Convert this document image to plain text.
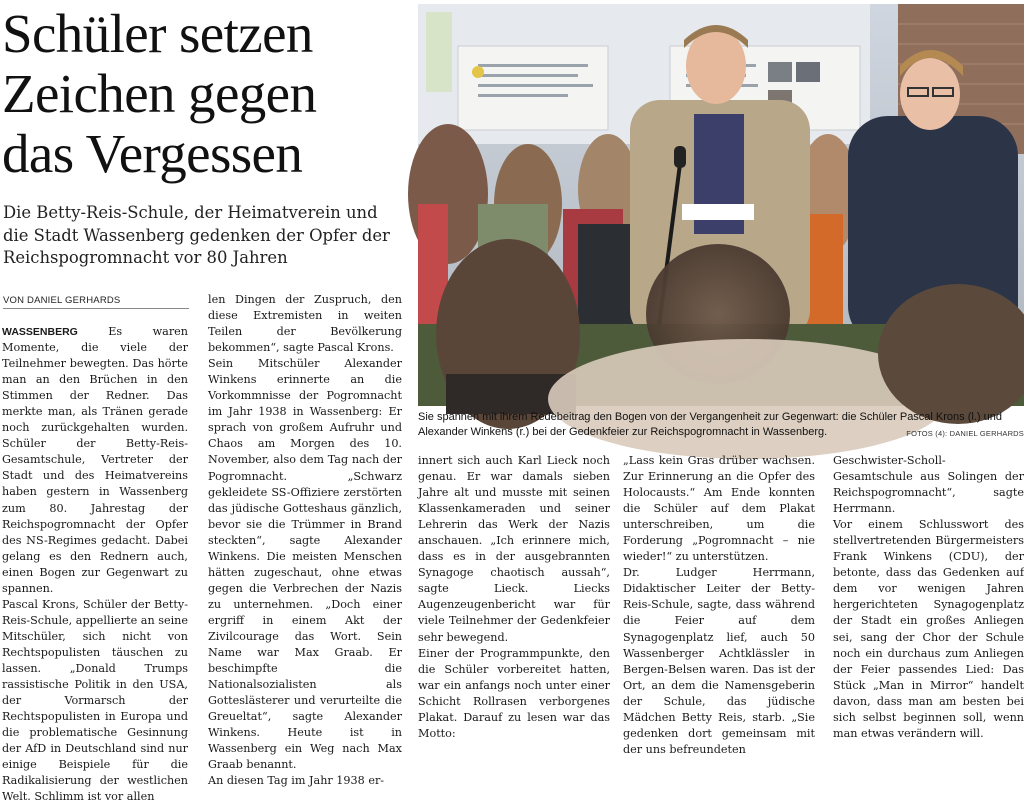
Schüler setzen
Zeichen gegen
das Vergessen
Die Betty-Reis-Schule, der Heimatverein und die Stadt Wassenberg gedenken der Opfer der Reichspogromnacht vor 80 Jahren
VON DANIEL GERHARDS
WASSENBERG	Es waren Momente, die viele der Teilnehmer bewegten. Das hörte man an den Brüchen in den Stimmen der Redner. Das merkte man, als Tränen gerade noch zurückgehalten wurden. Schüler der Betty-Reis-Gesamtschule, Vertreter der Stadt und des Heimatvereins haben gestern in Wassenberg zum 80. Jahrestag der Reichspogromnacht der Opfer des NS-Regimes gedacht. Dabei gelang es den Rednern auch, einen Bogen zur Gegenwart zu spannen.
Pascal Krons, Schüler der Betty-Reis-Schule, appellierte an seine Mitschüler, sich nicht von Rechtspopulisten täuschen zu lassen. „Donald Trumps rassistische Politik in den USA, der Vormarsch der Rechtspopulisten in Europa und die problematische Gesinnung der AfD in Deutschland sind nur einige Beispiele für die Radikalisierung der westlichen Welt. Schlimm ist vor allen
len Dingen der Zuspruch, den diese Extremisten in weiten Teilen der Bevölkerung bekommen“, sagte Pascal Krons.
Sein Mitschüler Alexander Winkens erinnerte an die Vorkommnisse der Pogromnacht im Jahr 1938 in Wassenberg: Er sprach von großem Aufruhr und Chaos am Morgen des 10. November, also dem Tag nach der Pogromnacht. „Schwarz gekleidete SS-Offiziere zerstörten das jüdische Gotteshaus gänzlich, bevor sie die Trümmer in Brand steckten“, sagte Alexander Winkens. Die meisten Menschen hätten zugeschaut, ohne etwas gegen die Verbrechen der Nazis zu unternehmen. „Doch einer ergriff in einem Akt der Zivilcourage das Wort. Sein Name war Max Graab. Er beschimpfte die Nationalsozialisten als Gotteslästerer und verurteilte die Greueltat“, sagte Alexander Winkens. Heute ist in Wassenberg ein Weg nach Max Graab benannt.
An diesen Tag im Jahr 1938 er-
Sie spannen mit ihrem Redebeitrag den Bogen von der Vergangenheit zur Gegenwart: die Schüler Pascal Krons (l.) und Alexander Winkens (r.) bei der Gedenkfeier zur Reichspogromnacht in Wassenberg.	FOTOS (4): DANIEL GERHARDS
innert sich auch Karl Lieck noch genau. Er war damals sieben Jahre alt und musste mit seinen Klassenkameraden und seiner Lehrerin das Werk der Nazis anschauen. „Ich erinnere mich, dass es in der ausgebrannten Synagoge chaotisch aussah“, sagte Lieck. Liecks Augenzeugenbericht war für viele Teilnehmer der Gedenkfeier sehr bewegend.
Einer der Programmpunkte, den die Schüler vorbereitet hatten, war ein anfangs noch unter einer Schicht Rollrasen verborgenes Plakat. Darauf zu lesen war das Motto:
„Lass kein Gras drüber wachsen. Zur Erinnerung an die Opfer des Holocausts.“ Am Ende konnten die Schüler auf dem Plakat unterschreiben, um die Forderung „Pogromnacht – nie wieder!“ zu unterstützen.
Dr. Ludger Herrmann, Didaktischer Leiter der Betty-Reis-Schule, sagte, dass während die Feier auf dem Synagogenplatz lief, auch 50 Wassenberger Achtklässler in Bergen-Belsen waren. Das ist der Ort, an dem die Namensgeberin der Schule, das jüdische Mädchen Betty Reis, starb. „Sie gedenken dort gemeinsam mit der uns befreundeten
Geschwister-Scholl-Gesamtschule aus Solingen der Reichspogromnacht“, sagte Herrmann.
Vor einem Schlusswort des stellvertretenden Bürgermeisters Frank Winkens (CDU), der betonte, dass das Gedenken auf dem vor wenigen Jahren hergerichteten Synagogenplatz der Stadt ein großes Anliegen sei, sang der Chor der Schule noch ein durchaus zum Anliegen der Feier passendes Lied: Das Stück „Man in Mirror“ handelt davon, dass man am besten bei sich selbst beginnen soll, wenn man etwas verändern will.
